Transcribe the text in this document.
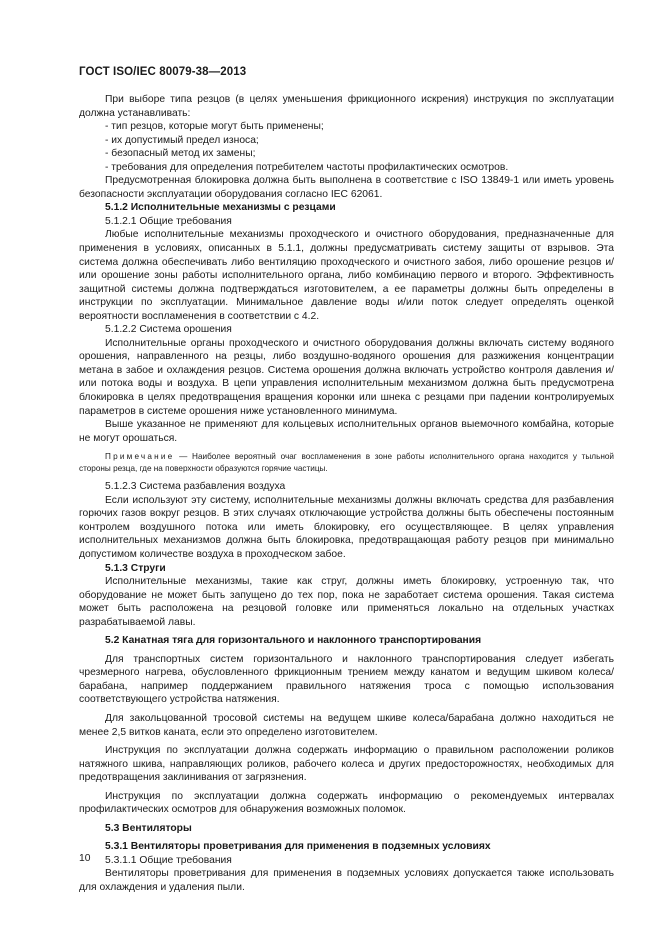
ГОСТ ISO/IEC 80079-38—2013

При выборе типа резцов (в целях уменьшения фрикционного искрения) инструкция по эксплуатации должна устанавливать:

- тип резцов, которые могут быть применены;
- их допустимый предел износа;
- безопасный метод их замены;
- требования для определения потребителем частоты профилактических осмотров.

Предусмотренная блокировка должна быть выполнена в соответствие с ISO 13849-1 или иметь уровень безопасности эксплуатации оборудования согласно IEC 62061.

5.1.2 Исполнительные механизмы с резцами
5.1.2.1 Общие требования

Любые исполнительные механизмы проходческого и очистного оборудования, предназначенные для применения в условиях, описанных в 5.1.1, должны предусматривать систему защиты от взрывов. Эта система должна обеспечивать либо вентиляцию проходческого и очистного забоя, либо орошение резцов и/или орошение зоны работы исполнительного органа, либо комбинацию первого и второго. Эффективность защитной системы должна подтверждаться изготовителем, а ее параметры должны быть определены в инструкции по эксплуатации. Минимальное давление воды и/или поток следует определять оценкой вероятности воспламенения в соответствии с 4.2.

5.1.2.2 Система орошения

Исполнительные органы проходческого и очистного оборудования должны включать систему водяного орошения, направленного на резцы, либо воздушно-водяного орошения для разжижения концентрации метана в забое и охлаждения резцов. Система орошения должна включать устройство контроля давления и/или потока воды и воздуха. В цепи управления исполнительным механизмом должна быть предусмотрена блокировка в целях предотвращения вращения коронки или шнека с резцами при падении контролируемых параметров в системе орошения ниже установленного минимума.

Выше указанное не применяют для кольцевых исполнительных органов выемочного комбайна, которые не могут орошаться.

Примечание — Наиболее вероятный очаг воспламенения в зоне работы исполнительного органа находится у тыльной стороны резца, где на поверхности образуются горячие частицы.
5.1.2.3 Система разбавления воздуха

Если используют эту систему, исполнительные механизмы должны включать средства для разбавления горючих газов вокруг резцов. В этих случаях отключающие устройства должны быть обеспечены постоянным контролем воздушного потока или иметь блокировку, его осуществляющее. В целях управления исполнительных механизмов должна быть блокировка, предотвращающая работу резцов при минимально допустимом количестве воздуха в проходческом забое.

5.1.3 Струги

Исполнительные механизмы, такие как струг, должны иметь блокировку, устроенную так, что оборудование не может быть запущено до тех пор, пока не заработает система орошения. Такая система может быть расположена на резцовой головке или применяться локально на отдельных участках разрабатываемой лавы.

5.2 Канатная тяга для горизонтального и наклонного транспортирования

Для транспортных систем горизонтального и наклонного транспортирования следует избегать чрезмерного нагрева, обусловленного фрикционным трением между канатом и ведущим шкивом колеса/барабана, например поддержанием правильного натяжения троса с помощью использования соответствующего устройства натяжения.

Для закольцованной тросовой системы на ведущем шкиве колеса/барабана должно находиться не менее 2,5 витков каната, если это определено изготовителем.

Инструкция по эксплуатации должна содержать информацию о правильном расположении роликов натяжного шкива, направляющих роликов, рабочего колеса и других предосторожностях, необходимых для предотвращения заклинивания от загрязнения.

Инструкция по эксплуатации должна содержать информацию о рекомендуемых интервалах профилактических осмотров для обнаружения возможных поломок.

5.3 Вентиляторы
5.3.1 Вентиляторы проветривания для применения в подземных условиях
5.3.1.1 Общие требования

Вентиляторы проветривания для применения в подземных условиях допускается также использовать для охлаждения и удаления пыли.

10
